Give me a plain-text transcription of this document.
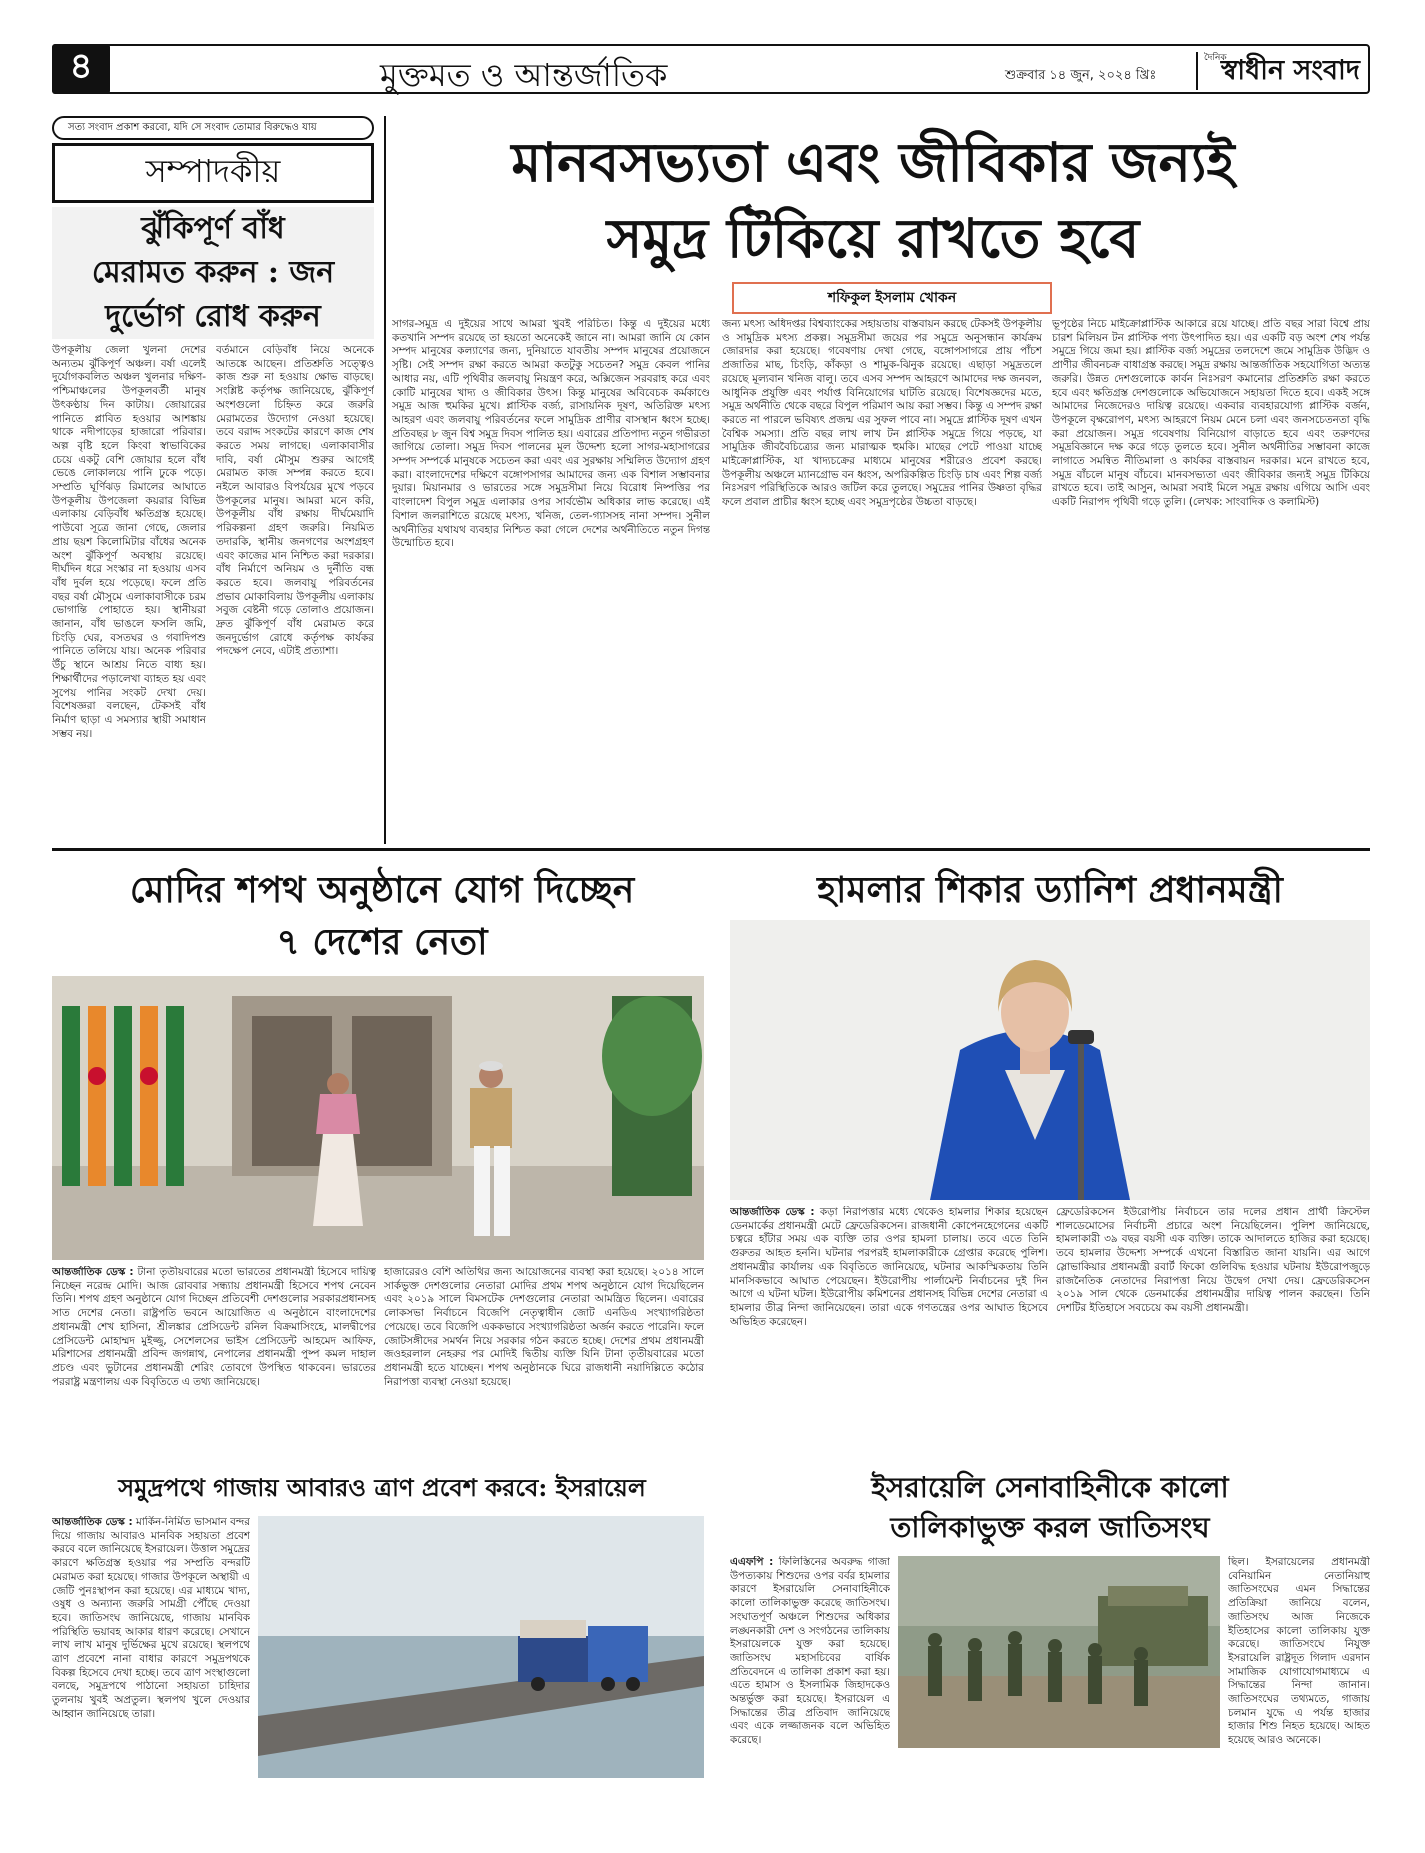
৪	মুক্তমত ও আন্তর্জাতিক	শুক্রবার ১৪ জুন, ২০২৪ খ্রিঃ
দৈনিক
স্বাধীন সংবাদ
সত্য সংবাদ প্রকাশ করবো, যদি সে সংবাদ তোমার বিরুদ্ধেও যায়
সম্পাদকীয়
ঝুঁকিপূর্ণ বাঁধ
মেরামত করুন : জন
দুর্ভোগ রোধ করুন
উপকূলীয় জেলা খুলনা দেশের অন্যতম ঝুঁকিপূর্ণ অঞ্চল। বর্ষা এলেই দুর্যোগকবলিত অঞ্চল খুলনার দক্ষিণ-পশ্চিমাঞ্চলের উপকূলবর্তী মানুষ উৎকণ্ঠায় দিন কাটায়। জোয়ারের পানিতে প্লাবিত হওয়ার আশঙ্কায় থাকে নদীপাড়ের হাজারো পরিবার। অল্প বৃষ্টি হলে কিংবা স্বাভাবিকের চেয়ে একটু বেশি জোয়ার হলে বাঁধ ভেঙে লোকালয়ে পানি ঢুকে পড়ে। সম্প্রতি ঘূর্ণিঝড় রিমালের আঘাতে উপকূলীয় উপজেলা কয়রার বিভিন্ন এলাকায় বেড়িবাঁধ ক্ষতিগ্রস্ত হয়েছে। পাউবো সূত্রে জানা গেছে, জেলার প্রায় ছয়শ কিলোমিটার বাঁধের অনেক অংশ ঝুঁকিপূর্ণ অবস্থায় রয়েছে। দীর্ঘদিন ধরে সংস্কার না হওয়ায় এসব বাঁধ দুর্বল হয়ে পড়েছে। ফলে প্রতি বছর বর্ষা মৌসুমে এলাকাবাসীকে চরম ভোগান্তি পোহাতে হয়। স্থানীয়রা জানান, বাঁধ ভাঙলে ফসলি জমি, চিংড়ি ঘের, বসতঘর ও গবাদিপশু পানিতে তলিয়ে যায়। অনেক পরিবার উঁচু স্থানে আশ্রয় নিতে বাধ্য হয়। শিক্ষার্থীদের পড়ালেখা ব্যাহত হয় এবং সুপেয় পানির সংকট দেখা দেয়। বিশেষজ্ঞরা বলছেন, টেকসই বাঁধ নির্মাণ ছাড়া এ সমস্যার স্থায়ী সমাধান সম্ভব নয়।
বর্তমানে বেড়িবাঁধ নিয়ে অনেকে আতঙ্কে আছেন। প্রতিশ্রুতি সত্ত্বেও কাজ শুরু না হওয়ায় ক্ষোভ বাড়ছে। সংশ্লিষ্ট কর্তৃপক্ষ জানিয়েছে, ঝুঁকিপূর্ণ অংশগুলো চিহ্নিত করে জরুরি মেরামতের উদ্যোগ নেওয়া হয়েছে। তবে বরাদ্দ সংকটের কারণে কাজ শেষ করতে সময় লাগছে। এলাকাবাসীর দাবি, বর্ষা মৌসুম শুরুর আগেই মেরামত কাজ সম্পন্ন করতে হবে। নইলে আবারও বিপর্যয়ের মুখে পড়বে উপকূলের মানুষ। আমরা মনে করি, উপকূলীয় বাঁধ রক্ষায় দীর্ঘমেয়াদি পরিকল্পনা গ্রহণ জরুরি। নিয়মিত তদারকি, স্থানীয় জনগণের অংশগ্রহণ এবং কাজের মান নিশ্চিত করা দরকার। বাঁধ নির্মাণে অনিয়ম ও দুর্নীতি বন্ধ করতে হবে। জলবায়ু পরিবর্তনের প্রভাব মোকাবিলায় উপকূলীয় এলাকায় সবুজ বেষ্টনী গড়ে তোলাও প্রয়োজন। দ্রুত ঝুঁকিপূর্ণ বাঁধ মেরামত করে জনদুর্ভোগ রোধে কর্তৃপক্ষ কার্যকর পদক্ষেপ নেবে, এটাই প্রত্যাশা।
মানবসভ্যতা এবং জীবিকার জন্যই
সমুদ্র টিকিয়ে রাখতে হবে
শফিকুল ইসলাম খোকন
সাগর-সমুদ্র এ দুইয়ের সাথে আমরা খুবই পরিচিত। কিন্তু এ দুইয়ের মধ্যে কতখানি সম্পদ রয়েছে তা হয়তো অনেকেই জানে না। আমরা জানি যে কোন সম্পদ মানুষের কল্যাণের জন্য, দুনিয়াতে যাবতীয় সম্পদ মানুষের প্রয়োজনে সৃষ্টি। সেই সম্পদ রক্ষা করতে আমরা কতটুকু সচেতন? সমুদ্র কেবল পানির আধার নয়, এটি পৃথিবীর জলবায়ু নিয়ন্ত্রণ করে, অক্সিজেন সরবরাহ করে এবং কোটি মানুষের খাদ্য ও জীবিকার উৎস। কিন্তু মানুষের অবিবেচক কর্মকাণ্ডে সমুদ্র আজ হুমকির মুখে। প্লাস্টিক বর্জ্য, রাসায়নিক দূষণ, অতিরিক্ত মৎস্য আহরণ এবং জলবায়ু পরিবর্তনের ফলে সামুদ্রিক প্রাণীর বাসস্থান ধ্বংস হচ্ছে। প্রতিবছর ৮ জুন বিশ্ব সমুদ্র দিবস পালিত হয়। এবারের প্রতিপাদ্য নতুন গভীরতা জাগিয়ে তোলা। সমুদ্র দিবস পালনের মূল উদ্দেশ্য হলো সাগর-মহাসাগরের সম্পদ সম্পর্কে মানুষকে সচেতন করা এবং এর সুরক্ষায় সম্মিলিত উদ্যোগ গ্রহণ করা। বাংলাদেশের দক্ষিণে বঙ্গোপসাগর আমাদের জন্য এক বিশাল সম্ভাবনার দুয়ার। মিয়ানমার ও ভারতের সঙ্গে সমুদ্রসীমা নিয়ে বিরোধ নিষ্পত্তির পর বাংলাদেশ বিপুল সমুদ্র এলাকার ওপর সার্বভৌম অধিকার লাভ করেছে। এই বিশাল জলরাশিতে রয়েছে মৎস্য, খনিজ, তেল-গ্যাসসহ নানা সম্পদ। সুনীল অর্থনীতির যথাযথ ব্যবহার নিশ্চিত করা গেলে দেশের অর্থনীতিতে নতুন দিগন্ত উন্মোচিত হবে।
জন্য মৎস্য অধিদপ্তর বিশ্বব্যাংকের সহায়তায় বাস্তবায়ন করছে টেকসই উপকূলীয় ও সামুদ্রিক মৎস্য প্রকল্প। সমুদ্রসীমা জয়ের পর সমুদ্রে অনুসন্ধান কার্যক্রম জোরদার করা হয়েছে। গবেষণায় দেখা গেছে, বঙ্গোপসাগরে প্রায় পাঁচশ প্রজাতির মাছ, চিংড়ি, কাঁকড়া ও শামুক-ঝিনুক রয়েছে। এছাড়া সমুদ্রতলে রয়েছে মূল্যবান খনিজ বালু। তবে এসব সম্পদ আহরণে আমাদের দক্ষ জনবল, আধুনিক প্রযুক্তি এবং পর্যাপ্ত বিনিয়োগের ঘাটতি রয়েছে। বিশেষজ্ঞদের মতে, সমুদ্র অর্থনীতি থেকে বছরে বিপুল পরিমাণ আয় করা সম্ভব। কিন্তু এ সম্পদ রক্ষা করতে না পারলে ভবিষ্যৎ প্রজন্ম এর সুফল পাবে না। সমুদ্রে প্লাস্টিক দূষণ এখন বৈশ্বিক সমস্যা। প্রতি বছর লাখ লাখ টন প্লাস্টিক সমুদ্রে গিয়ে পড়ছে, যা সামুদ্রিক জীববৈচিত্র্যের জন্য মারাত্মক হুমকি। মাছের পেটে পাওয়া যাচ্ছে মাইক্রোপ্লাস্টিক, যা খাদ্যচক্রের মাধ্যমে মানুষের শরীরেও প্রবেশ করছে। উপকূলীয় অঞ্চলে ম্যানগ্রোভ বন ধ্বংস, অপরিকল্পিত চিংড়ি চাষ এবং শিল্প বর্জ্য নিঃসরণ পরিস্থিতিকে আরও জটিল করে তুলছে। সমুদ্রের পানির উষ্ণতা বৃদ্ধির ফলে প্রবাল প্রাচীর ধ্বংস হচ্ছে এবং সমুদ্রপৃষ্ঠের উচ্চতা বাড়ছে।
ভূপৃষ্ঠের নিচে মাইক্রোপ্লাস্টিক আকারে রয়ে যাচ্ছে। প্রতি বছর সারা বিশ্বে প্রায় চারশ মিলিয়ন টন প্লাস্টিক পণ্য উৎপাদিত হয়। এর একটি বড় অংশ শেষ পর্যন্ত সমুদ্রে গিয়ে জমা হয়। প্লাস্টিক বর্জ্য সমুদ্রের তলদেশে জমে সামুদ্রিক উদ্ভিদ ও প্রাণীর জীবনচক্র বাধাগ্রস্ত করছে। সমুদ্র রক্ষায় আন্তর্জাতিক সহযোগিতা অত্যন্ত জরুরি। উন্নত দেশগুলোকে কার্বন নিঃসরণ কমানোর প্রতিশ্রুতি রক্ষা করতে হবে এবং ক্ষতিগ্রস্ত দেশগুলোকে অভিযোজনে সহায়তা দিতে হবে। একই সঙ্গে আমাদের নিজেদেরও দায়িত্ব রয়েছে। একবার ব্যবহারযোগ্য প্লাস্টিক বর্জন, উপকূলে বৃক্ষরোপণ, মৎস্য আহরণে নিয়ম মেনে চলা এবং জনসচেতনতা বৃদ্ধি করা প্রয়োজন। সমুদ্র গবেষণায় বিনিয়োগ বাড়াতে হবে এবং তরুণদের সমুদ্রবিজ্ঞানে দক্ষ করে গড়ে তুলতে হবে। সুনীল অর্থনীতির সম্ভাবনা কাজে লাগাতে সমন্বিত নীতিমালা ও কার্যকর বাস্তবায়ন দরকার। মনে রাখতে হবে, সমুদ্র বাঁচলে মানুষ বাঁচবে। মানবসভ্যতা এবং জীবিকার জন্যই সমুদ্র টিকিয়ে রাখতে হবে। তাই আসুন, আমরা সবাই মিলে সমুদ্র রক্ষায় এগিয়ে আসি এবং একটি নিরাপদ পৃথিবী গড়ে তুলি। (লেখক: সাংবাদিক ও কলামিস্ট)
মোদির শপথ অনুষ্ঠানে যোগ দিচ্ছেন
৭ দেশের নেতা
আন্তর্জাতিক ডেস্ক : টানা তৃতীয়বারের মতো ভারতের প্রধানমন্ত্রী হিসেবে দায়িত্ব নিচ্ছেন নরেন্দ্র মোদি। আজ রোববার সন্ধ্যায় প্রধানমন্ত্রী হিসেবে শপথ নেবেন তিনি। শপথ গ্রহণ অনুষ্ঠানে যোগ দিচ্ছেন প্রতিবেশী দেশগুলোর সরকারপ্রধানসহ সাত দেশের নেতা। রাষ্ট্রপতি ভবনে আয়োজিত এ অনুষ্ঠানে বাংলাদেশের প্রধানমন্ত্রী শেখ হাসিনা, শ্রীলঙ্কার প্রেসিডেন্ট রনিল বিক্রমাসিংহে, মালদ্বীপের প্রেসিডেন্ট মোহাম্মদ মুইজ্জু, সেশেলসের ভাইস প্রেসিডেন্ট আহমেদ আফিফ, মরিশাসের প্রধানমন্ত্রী প্রবিন্দ জগন্নাথ, নেপালের প্রধানমন্ত্রী পুষ্প কমল দাহাল প্রচণ্ড এবং ভুটানের প্রধানমন্ত্রী শেরিং তোবগে উপস্থিত থাকবেন। ভারতের পররাষ্ট্র মন্ত্রণালয় এক বিবৃতিতে এ তথ্য জানিয়েছে।
হাজারেরও বেশি অতিথির জন্য আয়োজনের ব্যবস্থা করা হয়েছে। ২০১৪ সালে সার্কভুক্ত দেশগুলোর নেতারা মোদির প্রথম শপথ অনুষ্ঠানে যোগ দিয়েছিলেন এবং ২০১৯ সালে বিমসটেক দেশগুলোর নেতারা আমন্ত্রিত ছিলেন। এবারের লোকসভা নির্বাচনে বিজেপি নেতৃত্বাধীন জোট এনডিএ সংখ্যাগরিষ্ঠতা পেয়েছে। তবে বিজেপি এককভাবে সংখ্যাগরিষ্ঠতা অর্জন করতে পারেনি। ফলে জোটসঙ্গীদের সমর্থন নিয়ে সরকার গঠন করতে হচ্ছে। দেশের প্রথম প্রধানমন্ত্রী জওহরলাল নেহরুর পর মোদিই দ্বিতীয় ব্যক্তি যিনি টানা তৃতীয়বারের মতো প্রধানমন্ত্রী হতে যাচ্ছেন। শপথ অনুষ্ঠানকে ঘিরে রাজধানী নয়াদিল্লিতে কঠোর নিরাপত্তা ব্যবস্থা নেওয়া হয়েছে।
হামলার শিকার ড্যানিশ প্রধানমন্ত্রী
আন্তর্জাতিক ডেস্ক : কড়া নিরাপত্তার মধ্যে থেকেও হামলার শিকার হয়েছেন ডেনমার্কের প্রধানমন্ত্রী মেটে ফ্রেডেরিকসেন। রাজধানী কোপেনহেগেনের একটি চত্বরে হাঁটার সময় এক ব্যক্তি তার ওপর হামলা চালায়। তবে এতে তিনি গুরুতর আহত হননি। ঘটনার পরপরই হামলাকারীকে গ্রেপ্তার করেছে পুলিশ। প্রধানমন্ত্রীর কার্যালয় এক বিবৃতিতে জানিয়েছে, ঘটনার আকস্মিকতায় তিনি মানসিকভাবে আঘাত পেয়েছেন। ইউরোপীয় পার্লামেন্ট নির্বাচনের দুই দিন আগে এ ঘটনা ঘটল। ইউরোপীয় কমিশনের প্রধানসহ বিভিন্ন দেশের নেতারা এ হামলার তীব্র নিন্দা জানিয়েছেন। তারা একে গণতন্ত্রের ওপর আঘাত হিসেবে অভিহিত করেছেন।
ফ্রেডেরিকসেন ইউরোপীয় নির্বাচনে তার দলের প্রধান প্রার্থী ক্রিস্টেল শালডেমোসের নির্বাচনী প্রচারে অংশ নিয়েছিলেন। পুলিশ জানিয়েছে, হামলাকারী ৩৯ বছর বয়সী এক ব্যক্তি। তাকে আদালতে হাজির করা হয়েছে। তবে হামলার উদ্দেশ্য সম্পর্কে এখনো বিস্তারিত জানা যায়নি। এর আগে স্লোভাকিয়ার প্রধানমন্ত্রী রবার্ট ফিকো গুলিবিদ্ধ হওয়ার ঘটনায় ইউরোপজুড়ে রাজনৈতিক নেতাদের নিরাপত্তা নিয়ে উদ্বেগ দেখা দেয়। ফ্রেডেরিকসেন ২০১৯ সাল থেকে ডেনমার্কের প্রধানমন্ত্রীর দায়িত্ব পালন করছেন। তিনি দেশটির ইতিহাসে সবচেয়ে কম বয়সী প্রধানমন্ত্রী।
সমুদ্রপথে গাজায় আবারও ত্রাণ প্রবেশ করবে: ইসরায়েল
আন্তর্জাতিক ডেস্ক : মার্কিন-নির্মিত ভাসমান বন্দর দিয়ে গাজায় আবারও মানবিক সহায়তা প্রবেশ করবে বলে জানিয়েছে ইসরায়েল। উত্তাল সমুদ্রের কারণে ক্ষতিগ্রস্ত হওয়ার পর সম্প্রতি বন্দরটি মেরামত করা হয়েছে। গাজার উপকূলে অস্থায়ী এ জেটি পুনঃস্থাপন করা হয়েছে। এর মাধ্যমে খাদ্য, ওষুধ ও অন্যান্য জরুরি সামগ্রী পৌঁছে দেওয়া হবে। জাতিসংঘ জানিয়েছে, গাজায় মানবিক পরিস্থিতি ভয়াবহ আকার ধারণ করেছে। সেখানে লাখ লাখ মানুষ দুর্ভিক্ষের মুখে রয়েছে। স্থলপথে ত্রাণ প্রবেশে নানা বাধার কারণে সমুদ্রপথকে বিকল্প হিসেবে দেখা হচ্ছে। তবে ত্রাণ সংস্থাগুলো বলছে, সমুদ্রপথে পাঠানো সহায়তা চাহিদার তুলনায় খুবই অপ্রতুল। স্থলপথ খুলে দেওয়ার আহ্বান জানিয়েছে তারা।
ইসরায়েলি সেনাবাহিনীকে কালো
তালিকাভুক্ত করল জাতিসংঘ
এএফপি : ফিলিস্তিনের অবরুদ্ধ গাজা উপত্যকায় শিশুদের ওপর বর্বর হামলার কারণে ইসরায়েলি সেনাবাহিনীকে কালো তালিকাভুক্ত করেছে জাতিসংঘ। সংঘাতপূর্ণ অঞ্চলে শিশুদের অধিকার লঙ্ঘনকারী দেশ ও সংগঠনের তালিকায় ইসরায়েলকে যুক্ত করা হয়েছে। জাতিসংঘ মহাসচিবের বার্ষিক প্রতিবেদনে এ তালিকা প্রকাশ করা হয়। এতে হামাস ও ইসলামিক জিহাদকেও অন্তর্ভুক্ত করা হয়েছে। ইসরায়েল এ সিদ্ধান্তের তীব্র প্রতিবাদ জানিয়েছে এবং একে লজ্জাজনক বলে অভিহিত করেছে।
ছিল। ইসরায়েলের প্রধানমন্ত্রী বেনিয়ামিন নেতানিয়াহু জাতিসংঘের এমন সিদ্ধান্তের প্রতিক্রিয়া জানিয়ে বলেন, জাতিসংঘ আজ নিজেকে ইতিহাসের কালো তালিকায় যুক্ত করেছে। জাতিসংঘে নিযুক্ত ইসরায়েলি রাষ্ট্রদূত গিলাদ এরদান সামাজিক যোগাযোগমাধ্যমে এ সিদ্ধান্তের নিন্দা জানান। জাতিসংঘের তথ্যমতে, গাজায় চলমান যুদ্ধে এ পর্যন্ত হাজার হাজার শিশু নিহত হয়েছে। আহত হয়েছে আরও অনেকে।
